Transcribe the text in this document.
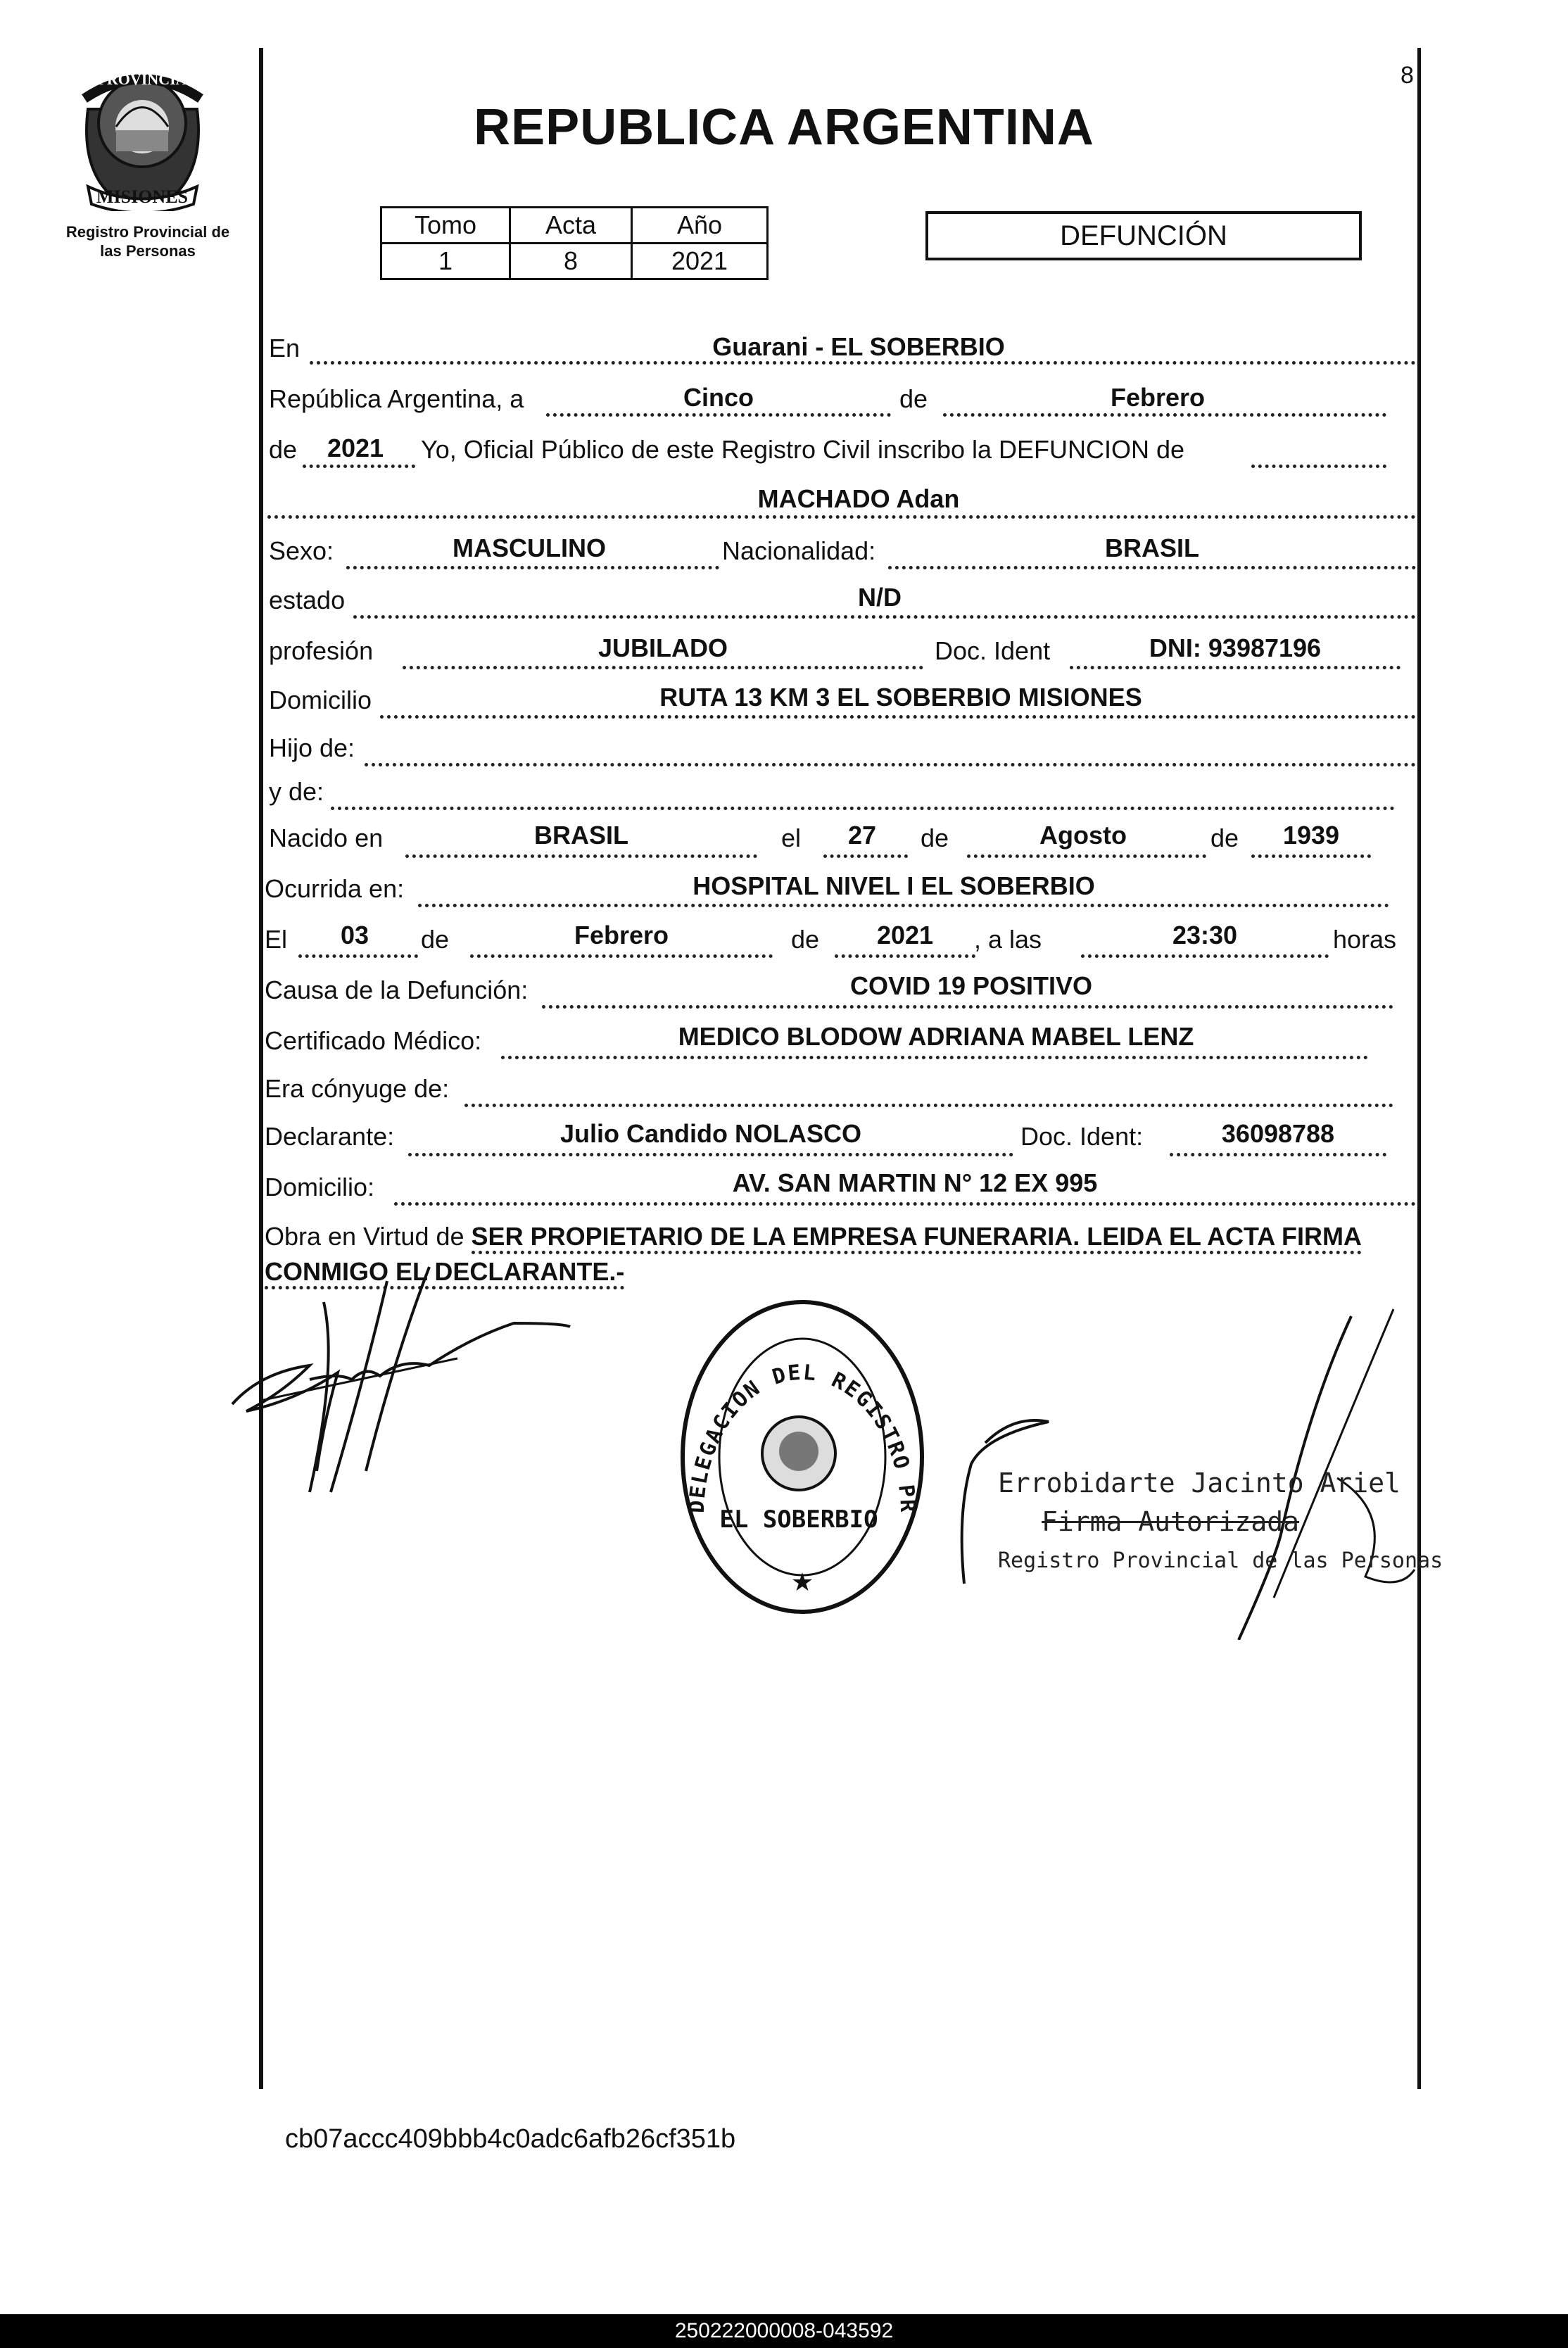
PROVINCIA
MISIONES
Registro Provincial de
las Personas
8
REPUBLICA ARGENTINA
Tomo	Acta	Año
1	8	2021
DEFUNCIÓN
En	Guarani - EL SOBERBIO
República Argentina, a	Cinco	de	Febrero
de	2021	Yo, Oficial Público de este Registro Civil inscribo la DEFUNCION de
MACHADO Adan
Sexo:	MASCULINO	Nacionalidad:	BRASIL
estado	N/D
profesión	JUBILADO	Doc. Ident	DNI: 93987196
Domicilio	RUTA 13 KM 3 EL SOBERBIO MISIONES
Hijo de:
y de:
Nacido en	BRASIL	el	27	de	Agosto	de	1939
Ocurrida en:	HOSPITAL NIVEL I EL SOBERBIO
El	03	de	Febrero	de	2021	, a las	23:30	horas
Causa de la Defunción:	COVID 19 POSITIVO
Certificado Médico:	MEDICO BLODOW ADRIANA MABEL LENZ
Era cónyuge de:
Declarante:	Julio Candido NOLASCO	Doc. Ident:	36098788
Domicilio:	AV. SAN MARTIN N° 12 EX 995
Obra en Virtud de SER PROPIETARIO DE LA EMPRESA FUNERARIA. LEIDA EL ACTA FIRMA CONMIGO EL DECLARANTE.-
DELEGACION DEL REGISTRO PR
EL SOBERBIO
★
Errobidarte Jacinto Ariel
Firma Autorizada
Registro Provincial de las Personas
cb07accc409bbb4c0adc6afb26cf351b
250222000008-043592
